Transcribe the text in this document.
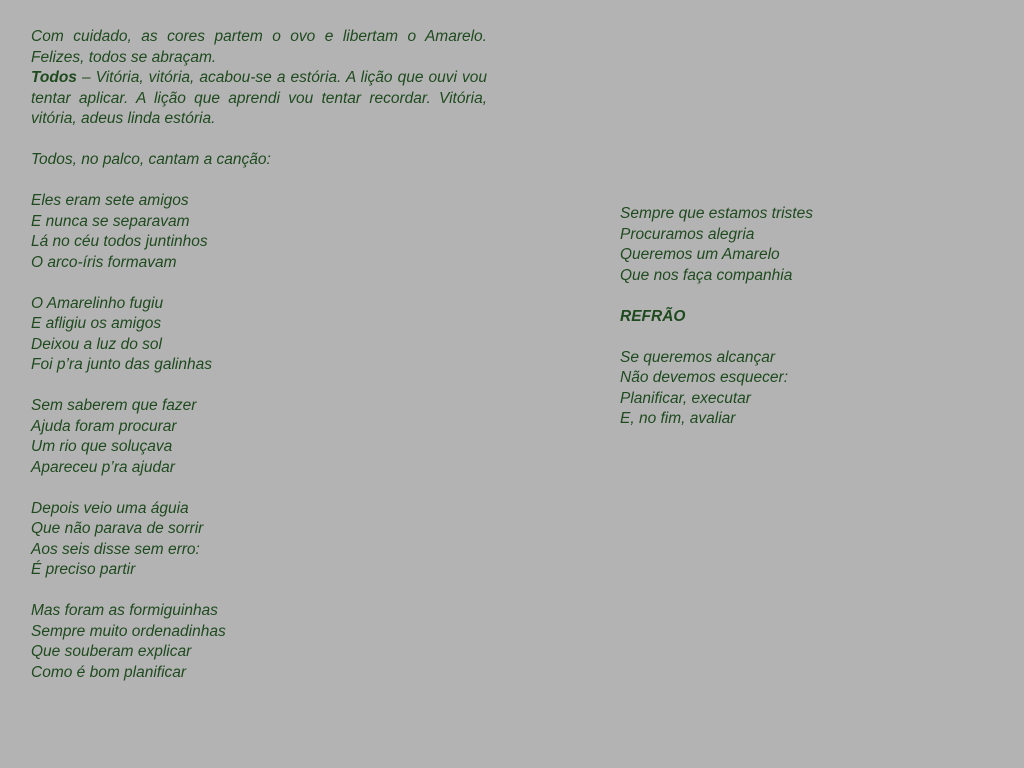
Com cuidado, as cores partem o ovo e libertam o Amarelo. Felizes, todos se abraçam.

Todos – Vitória, vitória, acabou-se a estória. A lição que ouvi vou tentar aplicar. A lição que aprendi vou tentar recordar. Vitória, vitória, adeus linda estória.

Todos, no palco, cantam a canção:

Eles eram sete amigos
E nunca se separavam
Lá no céu todos juntinhos
O arco-íris formavam
O Amarelinho fugiu
E afligiu os amigos
Deixou a luz do sol
Foi p’ra junto das galinhas
Sem saberem que fazer
Ajuda foram procurar
Um rio que soluçava
Apareceu p’ra ajudar
Depois veio uma águia
Que não parava de sorrir
Aos seis disse sem erro:
É preciso partir
Mas foram as formiguinhas
Sempre muito ordenadinhas
Que souberam explicar
Como é bom planificar
Sempre que estamos tristes
Procuramos alegria
Queremos um Amarelo
Que nos faça companhia
REFRÃO
Se queremos alcançar
Não devemos esquecer:
Planificar, executar
E, no fim, avaliar
